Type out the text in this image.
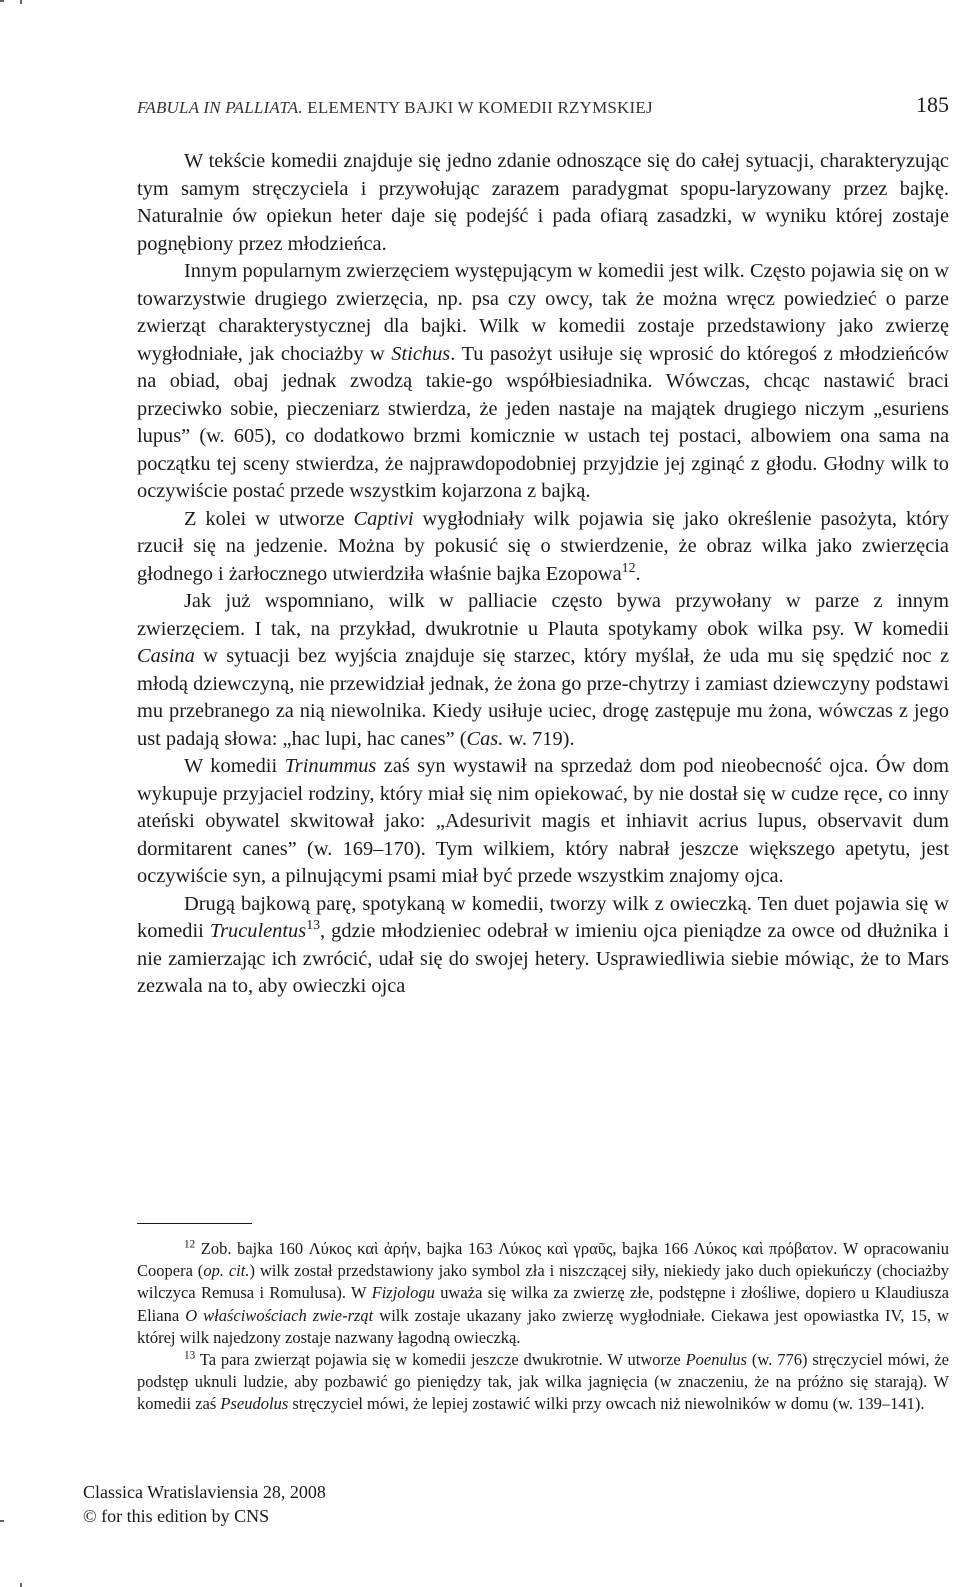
FABULA IN PALLIATA. ELEMENTY BAJKI W KOMEDII RZYMSKIEJ	185

W tekście komedii znajduje się jedno zdanie odnoszące się do całej sytuacji, charakteryzując tym samym stręczyciela i przywołując zarazem paradygmat spopu-laryzowany przez bajkę. Naturalnie ów opiekun heter daje się podejść i pada ofiarą zasadzki, w wyniku której zostaje pognębiony przez młodzieńca.

Innym popularnym zwierzęciem występującym w komedii jest wilk. Często pojawia się on w towarzystwie drugiego zwierzęcia, np. psa czy owcy, tak że można wręcz powiedzieć o parze zwierząt charakterystycznej dla bajki. Wilk w komedii zostaje przedstawiony jako zwierzę wygłodniałe, jak chociażby w Stichus. Tu pasożyt usiłuje się wprosić do któregoś z młodzieńców na obiad, obaj jednak zwodzą takie-go współbiesiadnika. Wówczas, chcąc nastawić braci przeciwko sobie, pieczeniarz stwierdza, że jeden nastaje na majątek drugiego niczym „esuriens lupus” (w. 605), co dodatkowo brzmi komicznie w ustach tej postaci, albowiem ona sama na początku tej sceny stwierdza, że najprawdopodobniej przyjdzie jej zginąć z głodu. Głodny wilk to oczywiście postać przede wszystkim kojarzona z bajką.

Z kolei w utworze Captivi wygłodniały wilk pojawia się jako określenie pasożyta, który rzucił się na jedzenie. Można by pokusić się o stwierdzenie, że obraz wilka jako zwierzęcia głodnego i żarłocznego utwierdziła właśnie bajka Ezopowa$^{12}$.

Jak już wspomniano, wilk w palliacie często bywa przywołany w parze z innym zwierzęciem. I tak, na przykład, dwukrotnie u Plauta spotykamy obok wilka psy. W komedii Casina w sytuacji bez wyjścia znajduje się starzec, który myślał, że uda mu się spędzić noc z młodą dziewczyną, nie przewidział jednak, że żona go prze-chytrzy i zamiast dziewczyny podstawi mu przebranego za nią niewolnika. Kiedy usiłuje uciec, drogę zastępuje mu żona, wówczas z jego ust padają słowa: „hac lupi, hac canes” (Cas. w. 719).

W komedii Trinummus zaś syn wystawił na sprzedaż dom pod nieobecność ojca. Ów dom wykupuje przyjaciel rodziny, który miał się nim opiekować, by nie dostał się w cudze ręce, co inny ateński obywatel skwitował jako: „Adesurivit magis et inhiavit acrius lupus, observavit dum dormitarent canes” (w. 169–170). Tym wilkiem, który nabrał jeszcze większego apetytu, jest oczywiście syn, a pilnującymi psami miał być przede wszystkim znajomy ojca.

Drugą bajkową parę, spotykaną w komedii, tworzy wilk z owieczką. Ten duet pojawia się w komedii Truculentus$^{13}$, gdzie młodzieniec odebrał w imieniu ojca pieniądze za owce od dłużnika i nie zamierzając ich zwrócić, udał się do swojej hetery. Usprawiedliwia siebie mówiąc, że to Mars zezwala na to, aby owieczki ojca

$^{12}$ Zob. bajka 160 Λύκος καὶ ἀρήν, bajka 163 Λύκος καὶ γραῦς, bajka 166 Λύκος καὶ πρόβατον. W opracowaniu Coopera (op. cit.) wilk został przedstawiony jako symbol zła i niszczącej siły, niekiedy jako duch opiekuńczy (chociażby wilczyca Remusa i Romulusa). W Fizjologu uważa się wilka za zwierzę złe, podstępne i złośliwe, dopiero u Klaudiusza Eliana O właściwościach zwie-rząt wilk zostaje ukazany jako zwierzę wygłodniałe. Ciekawa jest opowiastka IV, 15, w której wilk najedzony zostaje nazwany łagodną owieczką.

$^{13}$ Ta para zwierząt pojawia się w komedii jeszcze dwukrotnie. W utworze Poenulus (w. 776) stręczyciel mówi, że podstęp uknuli ludzie, aby pozbawić go pieniędzy tak, jak wilka jagnięcia (w znaczeniu, że na próżno się starają). W komedii zaś Pseudolus stręczyciel mówi, że lepiej zostawić wilki przy owcach niż niewolników w domu (w. 139–141).

Classica Wratislaviensia 28, 2008
© for this edition by CNS
